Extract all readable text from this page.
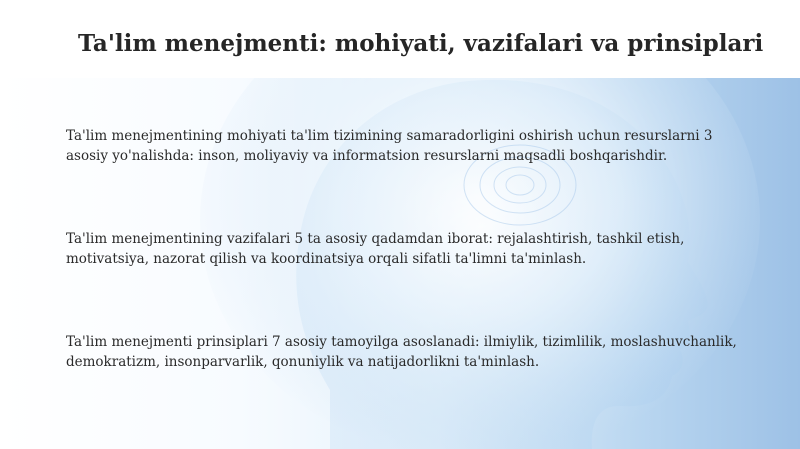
Ta'lim menejmenti: mohiyati, vazifalari va prinsiplari

Ta'lim menejmentining mohiyati ta'lim tizimining samaradorligini oshirish uchun resurslarni 3 asosiy yo'nalishda: inson, moliyaviy va informatsion resurslarni maqsadli boshqarishdir.

Ta'lim menejmentining vazifalari 5 ta asosiy qadamdan iborat: rejalashtirish, tashkil etish, motivatsiya, nazorat qilish va koordinatsiya orqali sifatli ta'limni ta'minlash.

Ta'lim menejmenti prinsiplari 7 asosiy tamoyilga asoslanadi: ilmiylik, tizimlilik, moslashuvchanlik, demokratizm, insonparvarlik, qonuniylik va natijadorlikni ta'minlash.
